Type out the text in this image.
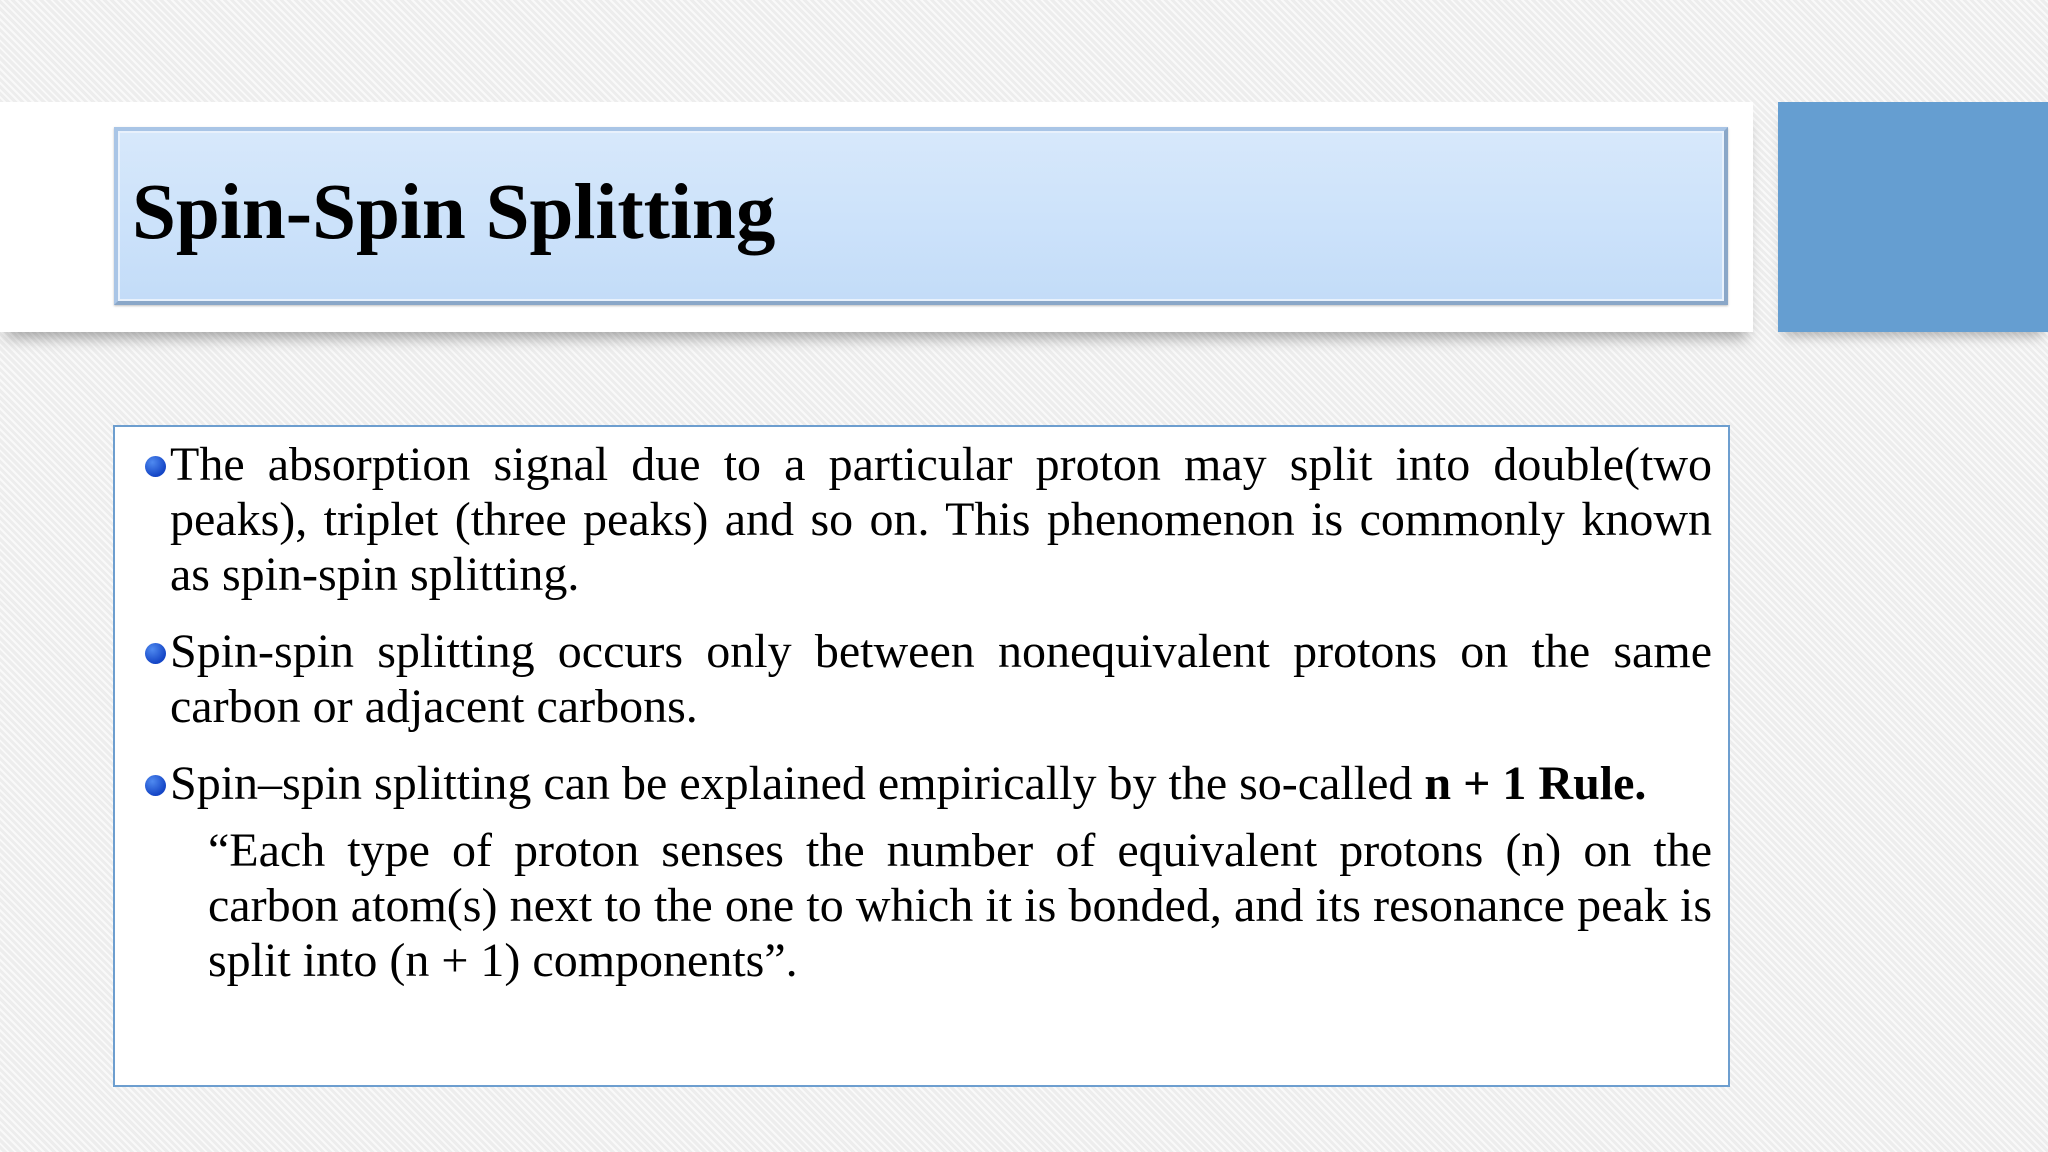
Spin-Spin Splitting
The absorption signal due to a particular proton may split into double(two peaks), triplet (three peaks) and so on. This phenomenon is commonly known as spin-spin splitting.
Spin-spin splitting occurs only between nonequivalent protons on the same carbon or adjacent carbons.
Spin–spin splitting can be explained empirically by the so-called n + 1 Rule.
“Each type of proton senses the number of equivalent protons (n) on the carbon atom(s) next to the one to which it is bonded, and its resonance peak is split into (n + 1) components”.
